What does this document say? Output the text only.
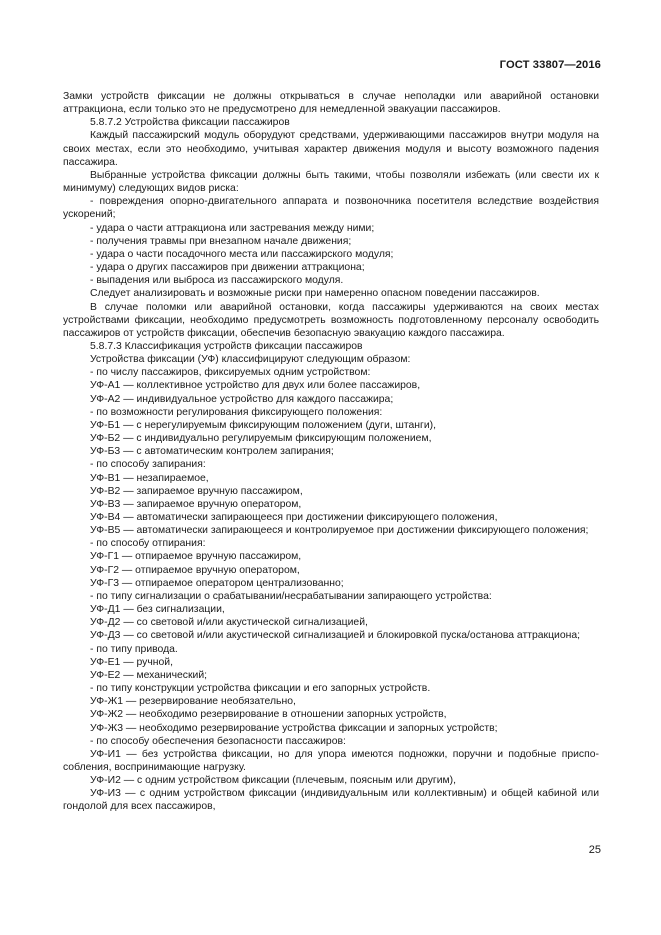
ГОСТ 33807—2016

Замки устройств фиксации не должны открываться в случае неполадки или аварийной остановки аттракциона, если только это не предусмотрено для немедленной эвакуации пассажиров.

5.8.7.2 Устройства фиксации пассажиров

Каждый пассажирский модуль оборудуют средствами, удерживающими пассажиров внутри модуля на своих местах, если это необходимо, учитывая характер движения модуля и высоту возможного падения пассажира.

Выбранные устройства фиксации должны быть такими, чтобы позволяли избежать (или свести их к минимуму) следующих видов риска:

- повреждения опорно-двигательного аппарата и позвоночника посетителя вследствие воздействия ускорений;

- удара о части аттракциона или застревания между ними;

- получения травмы при внезапном начале движения;

- удара о части посадочного места или пассажирского модуля;

- удара о других пассажиров при движении аттракциона;

- выпадения или выброса из пассажирского модуля.

Следует анализировать и возможные риски при намеренно опасном поведении пассажиров.

В случае поломки или аварийной остановки, когда пассажиры удерживаются на своих местах устройствами фиксации, необходимо предусмотреть возможность подготовленному персоналу освободить пассажиров от устройств фиксации, обеспечив безопасную эвакуацию каждого пассажира.

5.8.7.3 Классификация устройств фиксации пассажиров

Устройства фиксации (УФ) классифицируют следующим образом:

- по числу пассажиров, фиксируемых одним устройством:

УФ-А1 — коллективное устройство для двух или более пассажиров,

УФ-А2 — индивидуальное устройство для каждого пассажира;

- по возможности регулирования фиксирующего положения:

УФ-Б1 — с нерегулируемым фиксирующим положением (дуги, штанги),

УФ-Б2 — с индивидуально регулируемым фиксирующим положением,

УФ-Б3 — с автоматическим контролем запирания;

- по способу запирания:

УФ-В1 — незапираемое,

УФ-В2 — запираемое вручную пассажиром,

УФ-В3 — запираемое вручную оператором,

УФ-В4 — автоматически запирающееся при достижении фиксирующего положения,

УФ-В5 — автоматически запирающееся и контролируемое при достижении фиксирующего положения;

- по способу отпирания:

УФ-Г1 — отпираемое вручную пассажиром,

УФ-Г2 — отпираемое вручную оператором,

УФ-Г3 — отпираемое оператором централизованно;

- по типу сигнализации о срабатывании/несрабатывании запирающего устройства:

УФ-Д1 — без сигнализации,

УФ-Д2 — со световой и/или акустической сигнализацией,

УФ-Д3 — со световой и/или акустической сигнализацией и блокировкой пуска/останова аттракциона;

- по типу привода.

УФ-Е1 — ручной,

УФ-Е2 — механический;

- по типу конструкции устройства фиксации и его запорных устройств.

УФ-Ж1 — резервирование необязательно,

УФ-Ж2 — необходимо резервирование в отношении запорных устройств,

УФ-Ж3 — необходимо резервирование устройства фиксации и запорных устройств;

- по способу обеспечения безопасности пассажиров:

УФ-И1 — без устройства фиксации, но для упора имеются подножки, поручни и подобные приспособления, воспринимающие нагрузку.

УФ-И2 — с одним устройством фиксации (плечевым, поясным или другим),

УФ-И3 — с одним устройством фиксации (индивидуальным или коллективным) и общей кабиной или гондолой для всех пассажиров,

25
